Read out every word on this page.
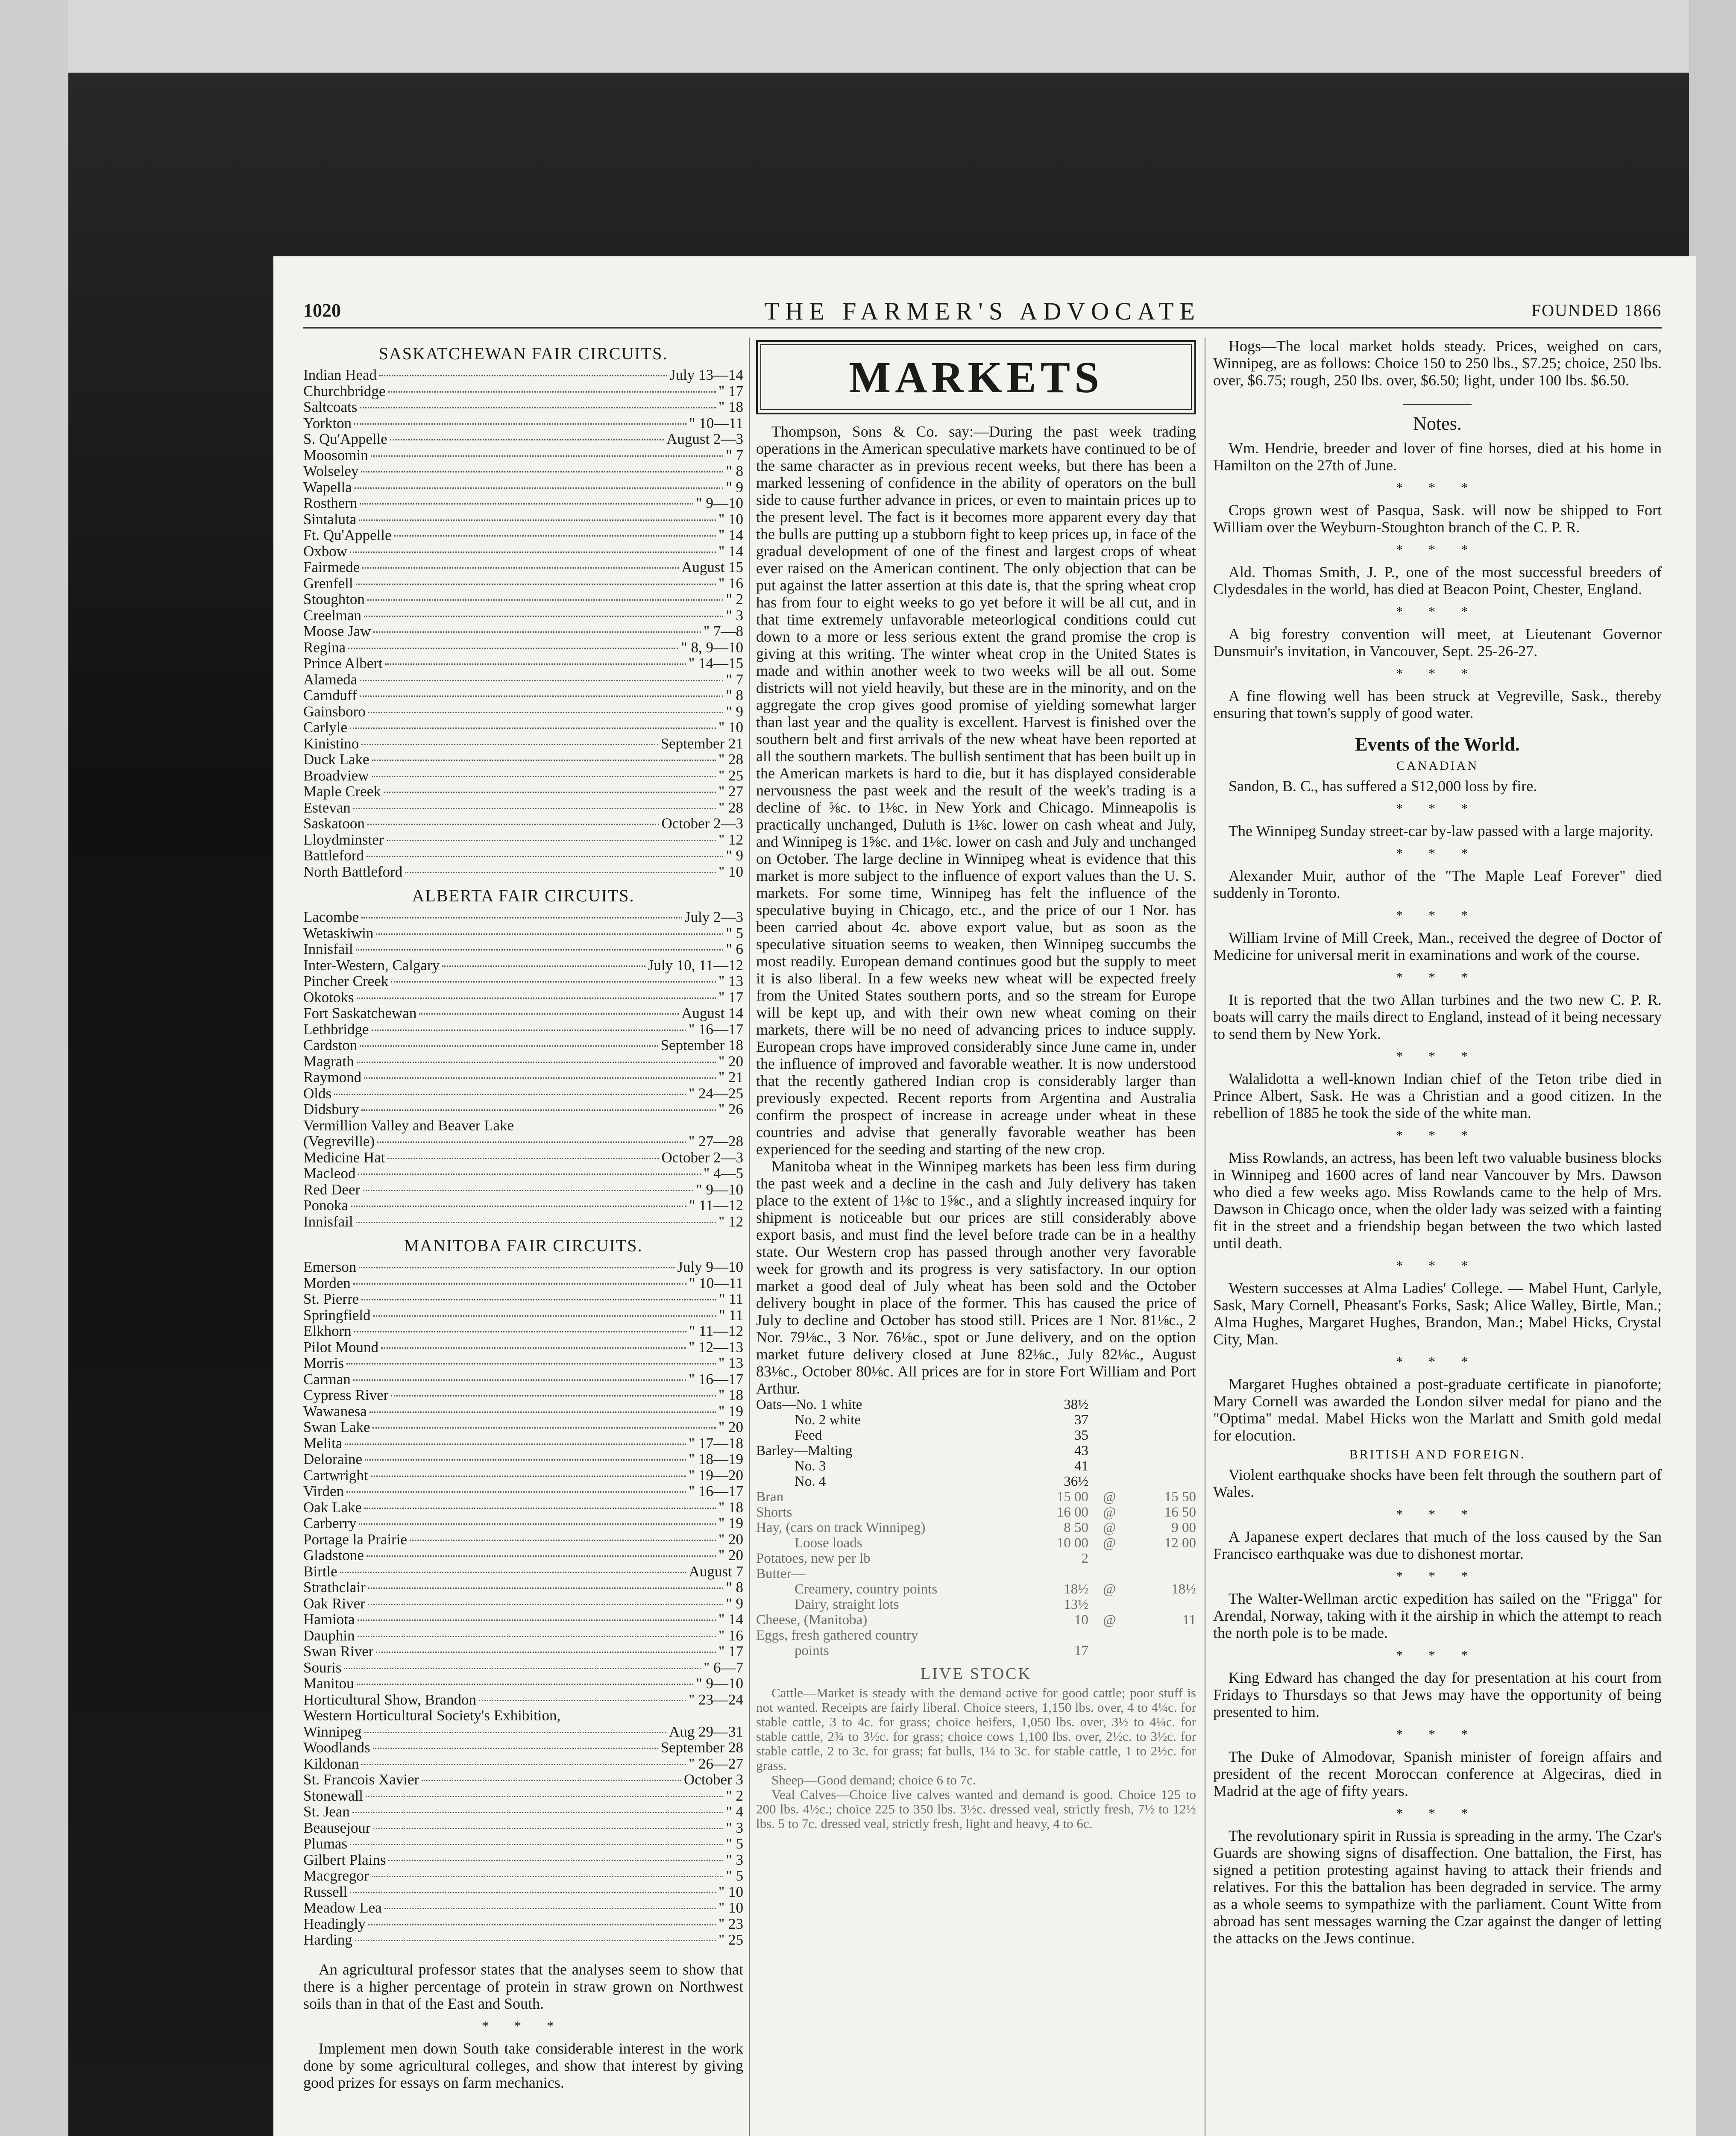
1020	THE FARMER'S ADVOCATE	FOUNDED 1866
SASKATCHEWAN FAIR CIRCUITS.
Indian Head	July 13—14
Churchbridge	" 17
Saltcoats	" 18
Yorkton	" 10—11
S. Qu'Appelle	August 2—3
Moosomin	" 7
Wolseley	" 8
Wapella	" 9
Rosthern	" 9—10
Sintaluta	" 10
Ft. Qu'Appelle	" 14
Oxbow	" 14
Fairmede	August 15
Grenfell	" 16
Stoughton	" 2
Creelman	" 3
Moose Jaw	" 7—8
Regina	" 8, 9—10
Prince Albert	" 14—15
Alameda	" 7
Carnduff	" 8
Gainsboro	" 9
Carlyle	" 10
Kinistino	September 21
Duck Lake	" 28
Broadview	" 25
Maple Creek	" 27
Estevan	" 28
Saskatoon	October 2—3
Lloydminster	" 12
Battleford	" 9
North Battleford	" 10
ALBERTA FAIR CIRCUITS.
Lacombe	July 2—3
Wetaskiwin	" 5
Innisfail	" 6
Inter-Western, Calgary	July 10, 11—12
Pincher Creek	" 13
Okotoks	" 17
Fort Saskatchewan	August 14
Lethbridge	" 16—17
Cardston	September 18
Magrath	" 20
Raymond	" 21
Olds	" 24—25
Didsbury	" 26
Vermillion Valley and Beaver Lake
(Vegreville)	" 27—28
Medicine Hat	October 2—3
Macleod	" 4—5
Red Deer	" 9—10
Ponoka	" 11—12
Innisfail	" 12
MANITOBA FAIR CIRCUITS.
Emerson	July 9—10
Morden	" 10—11
St. Pierre	" 11
Springfield	" 11
Elkhorn	" 11—12
Pilot Mound	" 12—13
Morris	" 13
Carman	" 16—17
Cypress River	" 18
Wawanesa	" 19
Swan Lake	" 20
Melita	" 17—18
Deloraine	" 18—19
Cartwright	" 19—20
Virden	" 16—17
Oak Lake	" 18
Carberry	" 19
Portage la Prairie	" 20
Gladstone	" 20
Birtle	August 7
Strathclair	" 8
Oak River	" 9
Hamiota	" 14
Dauphin	" 16
Swan River	" 17
Souris	" 6—7
Manitou	" 9—10
Horticultural Show, Brandon	" 23—24
Western Horticultural Society's Exhibition,
Winnipeg	Aug 29—31
Woodlands	September 28
Kildonan	" 26—27
St. Francois Xavier	October 3
Stonewall	" 2
St. Jean	" 4
Beausejour	" 3
Plumas	" 5
Gilbert Plains	" 3
Macgregor	" 5
Russell	" 10
Meadow Lea	" 10
Headingly	" 23
Harding	" 25

An agricultural professor states that the analyses seem to show that there is a higher percentage of protein in straw grown on Northwest soils than in that of the East and South.

* * *

Implement men down South take considerable interest in the work done by some agricultural colleges, and show that interest by giving good prizes for essays on farm mechanics.

MARKETS

Thompson, Sons & Co. say:—During the past week trading operations in the American speculative markets have continued to be of the same character as in previous recent weeks, but there has been a marked lessening of confidence in the ability of operators on the bull side to cause further advance in prices, or even to maintain prices up to the present level. The fact is it becomes more apparent every day that the bulls are putting up a stubborn fight to keep prices up, in face of the gradual development of one of the finest and largest crops of wheat ever raised on the American continent. The only objection that can be put against the latter assertion at this date is, that the spring wheat crop has from four to eight weeks to go yet before it will be all cut, and in that time extremely unfavorable meteorlogical conditions could cut down to a more or less serious extent the grand promise the crop is giving at this writing. The winter wheat crop in the United States is made and within another week to two weeks will be all out. Some districts will not yield heavily, but these are in the minority, and on the aggregate the crop gives good promise of yielding somewhat larger than last year and the quality is excellent. Harvest is finished over the southern belt and first arrivals of the new wheat have been reported at all the southern markets. The bullish sentiment that has been built up in the American markets is hard to die, but it has displayed considerable nervousness the past week and the result of the week's trading is a decline of ⅝c. to 1⅛c. in New York and Chicago. Minneapolis is practically unchanged, Duluth is 1⅛c. lower on cash wheat and July, and Winnipeg is 1⅝c. and 1⅛c. lower on cash and July and unchanged on October. The large decline in Winnipeg wheat is evidence that this market is more subject to the influence of export values than the U. S. markets. For some time, Winnipeg has felt the influence of the speculative buying in Chicago, etc., and the price of our 1 Nor. has been carried about 4c. above export value, but as soon as the speculative situation seems to weaken, then Winnipeg succumbs the most readily. European demand continues good but the supply to meet it is also liberal. In a few weeks new wheat will be expected freely from the United States southern ports, and so the stream for Europe will be kept up, and with their own new wheat coming on their markets, there will be no need of advancing prices to induce supply. European crops have improved considerably since June came in, under the influence of improved and favorable weather. It is now understood that the recently gathered Indian crop is considerably larger than previously expected. Recent reports from Argentina and Australia confirm the prospect of increase in acreage under wheat in these countries and advise that generally favorable weather has been experienced for the seeding and starting of the new crop.

Manitoba wheat in the Winnipeg markets has been less firm during the past week and a decline in the cash and July delivery has taken place to the extent of 1⅛c to 1⅝c., and a slightly increased inquiry for shipment is noticeable but our prices are still considerably above export basis, and must find the level before trade can be in a healthy state. Our Western crop has passed through another very favorable week for growth and its progress is very satisfactory. In our option market a good deal of July wheat has been sold and the October delivery bought in place of the former. This has caused the price of July to decline and October has stood still. Prices are 1 Nor. 81⅛c., 2 Nor. 79⅛c., 3 Nor. 76⅛c., spot or June delivery, and on the option market future delivery closed at June 82⅛c., July 82⅛c., August 83⅛c., October 80⅛c. All prices are for in store Fort William and Port Arthur.

Oats—No. 1 white	38½		
No. 2 white	37		
Feed	35		
Barley—Malting	43		
No. 3	41		
No. 4	36½		
Bran	15 00	@	15 50
Shorts	16 00	@	16 50
Hay, (cars on track Winnipeg)	8 50	@	9 00
Loose loads	10 00	@	12 00
Potatoes, new per lb	2		
Butter—			
Creamery, country points	18½	@	18½
Dairy, straight lots	13½		
Cheese, (Manitoba)	10	@	11
Eggs, fresh gathered country			
points	17		
LIVE STOCK

Cattle—Market is steady with the demand active for good cattle; poor stuff is not wanted. Receipts are fairly liberal. Choice steers, 1,150 lbs. over, 4 to 4¼c. for stable cattle, 3 to 4c. for grass; choice heifers, 1,050 lbs. over, 3½ to 4¼c. for stable cattle, 2¾ to 3½c. for grass; choice cows 1,100 lbs. over, 2½c. to 3½c. for stable cattle, 2 to 3c. for grass; fat bulls, 1¼ to 3c. for stable cattle, 1 to 2½c. for grass.

Sheep—Good demand; choice 6 to 7c.

Veal Calves—Choice live calves wanted and demand is good. Choice 125 to 200 lbs. 4½c.; choice 225 to 350 lbs. 3½c. dressed veal, strictly fresh, 7½ to 12½ lbs. 5 to 7c. dressed veal, strictly fresh, light and heavy, 4 to 6c.

Hogs—The local market holds steady. Prices, weighed on cars, Winnipeg, are as follows: Choice 150 to 250 lbs., $7.25; choice, 250 lbs. over, $6.75; rough, 250 lbs. over, $6.50; light, under 100 lbs. $6.50.

Notes.

Wm. Hendrie, breeder and lover of fine horses, died at his home in Hamilton on the 27th of June.

* * *

Crops grown west of Pasqua, Sask. will now be shipped to Fort William over the Weyburn-Stoughton branch of the C. P. R.

* * *

Ald. Thomas Smith, J. P., one of the most successful breeders of Clydesdales in the world, has died at Beacon Point, Chester, England.

* * *

A big forestry convention will meet, at Lieutenant Governor Dunsmuir's invitation, in Vancouver, Sept. 25-26-27.

* * *

A fine flowing well has been struck at Vegreville, Sask., thereby ensuring that town's supply of good water.

Events of the World.
CANADIAN

Sandon, B. C., has suffered a $12,000 loss by fire.

* * *

The Winnipeg Sunday street-car by-law passed with a large majority.

* * *

Alexander Muir, author of the "The Maple Leaf Forever" died suddenly in Toronto.

* * *

William Irvine of Mill Creek, Man., received the degree of Doctor of Medicine for universal merit in examinations and work of the course.

* * *

It is reported that the two Allan turbines and the two new C. P. R. boats will carry the mails direct to England, instead of it being necessary to send them by New York.

* * *

Walalidotta a well-known Indian chief of the Teton tribe died in Prince Albert, Sask. He was a Christian and a good citizen. In the rebellion of 1885 he took the side of the white man.

* * *

Miss Rowlands, an actress, has been left two valuable business blocks in Winnipeg and 1600 acres of land near Vancouver by Mrs. Dawson who died a few weeks ago. Miss Rowlands came to the help of Mrs. Dawson in Chicago once, when the older lady was seized with a fainting fit in the street and a friendship began between the two which lasted until death.

* * *

Western successes at Alma Ladies' College. — Mabel Hunt, Carlyle, Sask, Mary Cornell, Pheasant's Forks, Sask; Alice Walley, Birtle, Man.; Alma Hughes, Margaret Hughes, Brandon, Man.; Mabel Hicks, Crystal City, Man.

* * *

Margaret Hughes obtained a post-graduate certificate in pianoforte; Mary Cornell was awarded the London silver medal for piano and the "Optima" medal. Mabel Hicks won the Marlatt and Smith gold medal for elocution.

BRITISH AND FOREIGN.

Violent earthquake shocks have been felt through the southern part of Wales.

* * *

A Japanese expert declares that much of the loss caused by the San Francisco earthquake was due to dishonest mortar.

* * *

The Walter-Wellman arctic expedition has sailed on the "Frigga" for Arendal, Norway, taking with it the airship in which the attempt to reach the north pole is to be made.

* * *

King Edward has changed the day for presentation at his court from Fridays to Thursdays so that Jews may have the opportunity of being presented to him.

* * *

The Duke of Almodovar, Spanish minister of foreign affairs and president of the recent Moroccan conference at Algeciras, died in Madrid at the age of fifty years.

* * *

The revolutionary spirit in Russia is spreading in the army. The Czar's Guards are showing signs of disaffection. One battalion, the First, has signed a petition protesting against having to attack their friends and relatives. For this the battalion has been degraded in service. The army as a whole seems to sympathize with the parliament. Count Witte from abroad has sent messages warning the Czar against the danger of letting the attacks on the Jews continue.
